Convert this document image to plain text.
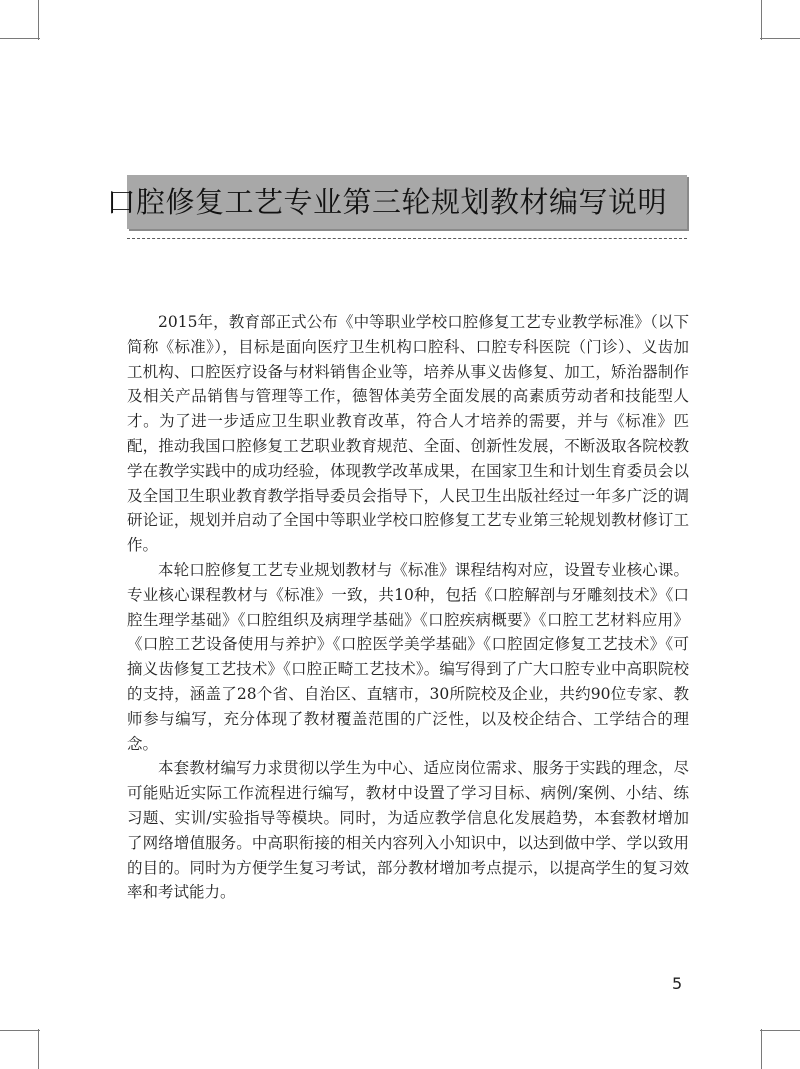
口腔修复工艺专业第三轮规划教材编写说明

2015年，教育部正式公布《中等职业学校口腔修复工艺专业教学标准》（以下简称《标准》），目标是面向医疗卫生机构口腔科、口腔专科医院（门诊）、义齿加工机构、口腔医疗设备与材料销售企业等，培养从事义齿修复、加工，矫治器制作及相关产品销售与管理等工作，德智体美劳全面发展的高素质劳动者和技能型人才。为了进一步适应卫生职业教育改革，符合人才培养的需要，并与《标准》匹配，推动我国口腔修复工艺职业教育规范、全面、创新性发展，不断汲取各院校教学在教学实践中的成功经验，体现教学改革成果，在国家卫生和计划生育委员会以及全国卫生职业教育教学指导委员会指导下，人民卫生出版社经过一年多广泛的调研论证，规划并启动了全国中等职业学校口腔修复工艺专业第三轮规划教材修订工作。

本轮口腔修复工艺专业规划教材与《标准》课程结构对应，设置专业核心课。专业核心课程教材与《标准》一致，共10种，包括《口腔解剖与牙雕刻技术》《口腔生理学基础》《口腔组织及病理学基础》《口腔疾病概要》《口腔工艺材料应用》《口腔工艺设备使用与养护》《口腔医学美学基础》《口腔固定修复工艺技术》《可摘义齿修复工艺技术》《口腔正畸工艺技术》。编写得到了广大口腔专业中高职院校的支持，涵盖了28个省、自治区、直辖市，30所院校及企业，共约90位专家、教师参与编写，充分体现了教材覆盖范围的广泛性，以及校企结合、工学结合的理念。

本套教材编写力求贯彻以学生为中心、适应岗位需求、服务于实践的理念，尽可能贴近实际工作流程进行编写，教材中设置了学习目标、病例/案例、小结、练习题、实训/实验指导等模块。同时，为适应教学信息化发展趋势，本套教材增加了网络增值服务。中高职衔接的相关内容列入小知识中，以达到做中学、学以致用的目的。同时为方便学生复习考试，部分教材增加考点提示，以提高学生的复习效率和考试能力。

5
